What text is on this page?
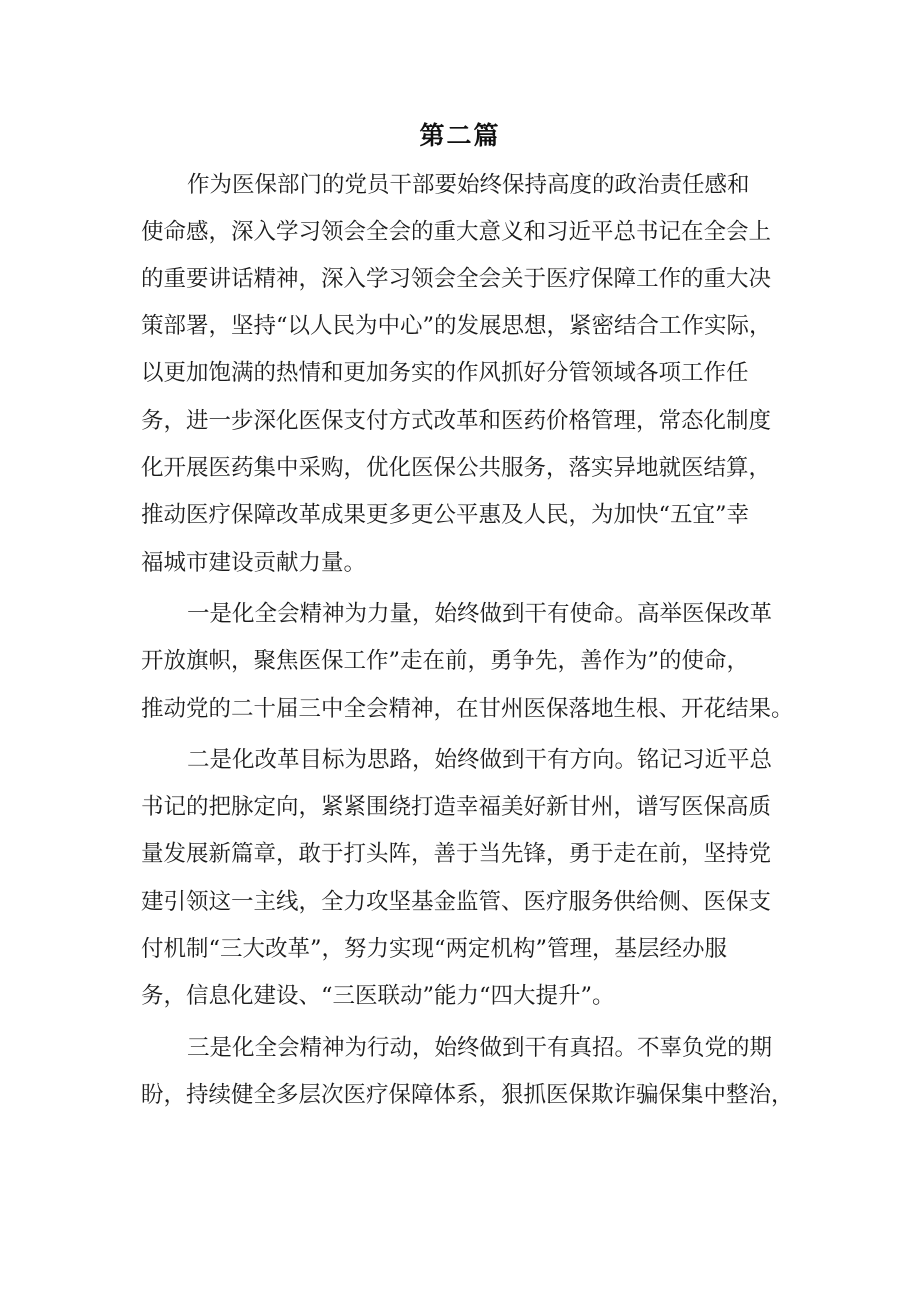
第二篇
作为医保部门的党员干部要始终保持高度的政治责任感和
使命感，深入学习领会全会的重大意义和习近平总书记在全会上
的重要讲话精神，深入学习领会全会关于医疗保障工作的重大决
策部署，坚持“以人民为中心”的发展思想，紧密结合工作实际，
以更加饱满的热情和更加务实的作风抓好分管领域各项工作任
务，进一步深化医保支付方式改革和医药价格管理，常态化制度
化开展医药集中采购，优化医保公共服务，落实异地就医结算，
推动医疗保障改革成果更多更公平惠及人民，为加快“五宜”幸
福城市建设贡献力量。
一是化全会精神为力量，始终做到干有使命。高举医保改革
开放旗帜，聚焦医保工作”走在前，勇争先，善作为”的使命，
推动党的二十届三中全会精神，在甘州医保落地生根、开花结果。
二是化改革目标为思路，始终做到干有方向。铭记习近平总
书记的把脉定向，紧紧围绕打造幸福美好新甘州，谱写医保高质
量发展新篇章，敢于打头阵，善于当先锋，勇于走在前，坚持党
建引领这一主线，全力攻坚基金监管、医疗服务供给侧、医保支
付机制“三大改革”，努力实现“两定机构”管理，基层经办服
务，信息化建设、“三医联动”能力“四大提升”。
三是化全会精神为行动，始终做到干有真招。不辜负党的期
盼，持续健全多层次医疗保障体系，狠抓医保欺诈骗保集中整治，
